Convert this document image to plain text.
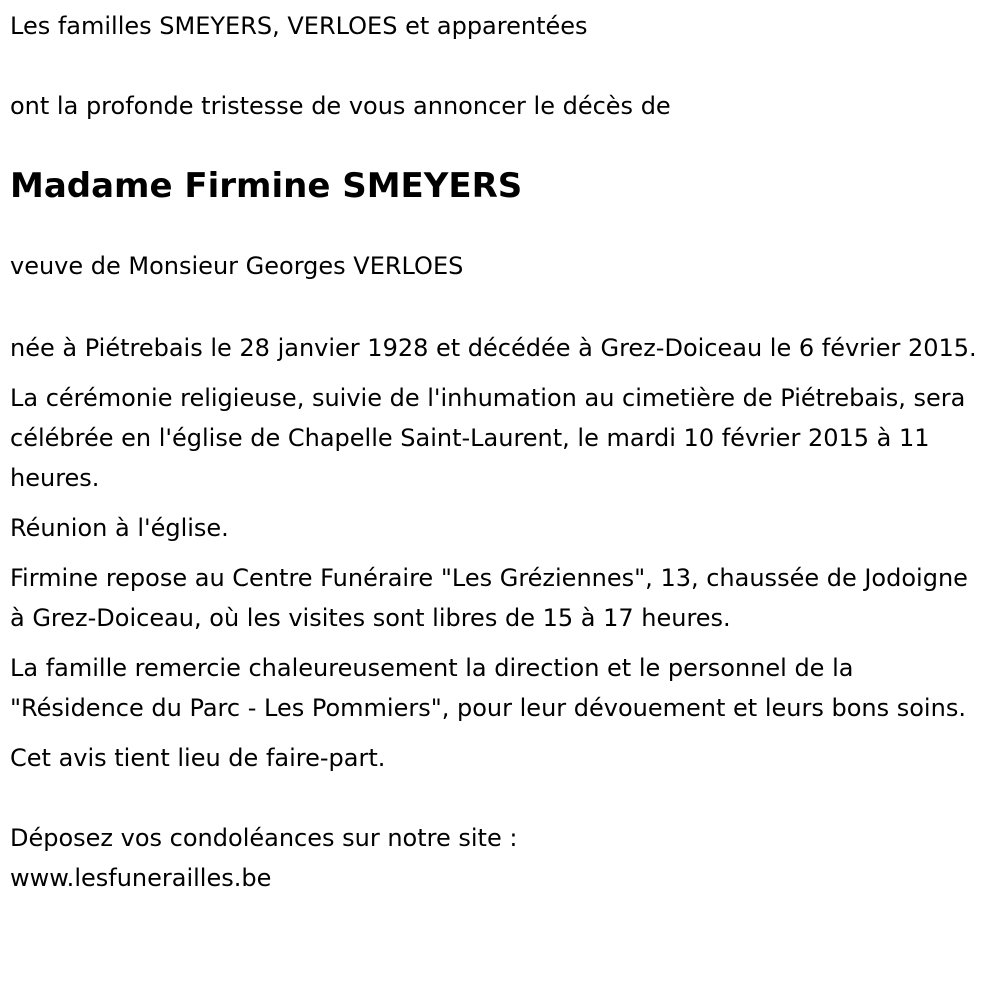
Les familles SMEYERS, VERLOES et apparentées

ont la profonde tristesse de vous annoncer le décès de

Madame Firmine SMEYERS

veuve de Monsieur Georges VERLOES

née à Piétrebais le 28 janvier 1928 et décédée à Grez-Doiceau le 6 février 2015.

La cérémonie religieuse, suivie de l'inhumation au cimetière de Piétrebais, sera célébrée en l'église de Chapelle Saint-Laurent, le mardi 10 février 2015 à 11 heures.

Réunion à l'église.

Firmine repose au Centre Funéraire "Les Gréziennes", 13, chaussée de Jodoigne à Grez-Doiceau, où les visites sont libres de 15 à 17 heures.

La famille remercie chaleureusement la direction et le personnel de la "Résidence du Parc - Les Pommiers", pour leur dévouement et leurs bons soins.

Cet avis tient lieu de faire-part.

Déposez vos condoléances sur notre site :

www.lesfunerailles.be
